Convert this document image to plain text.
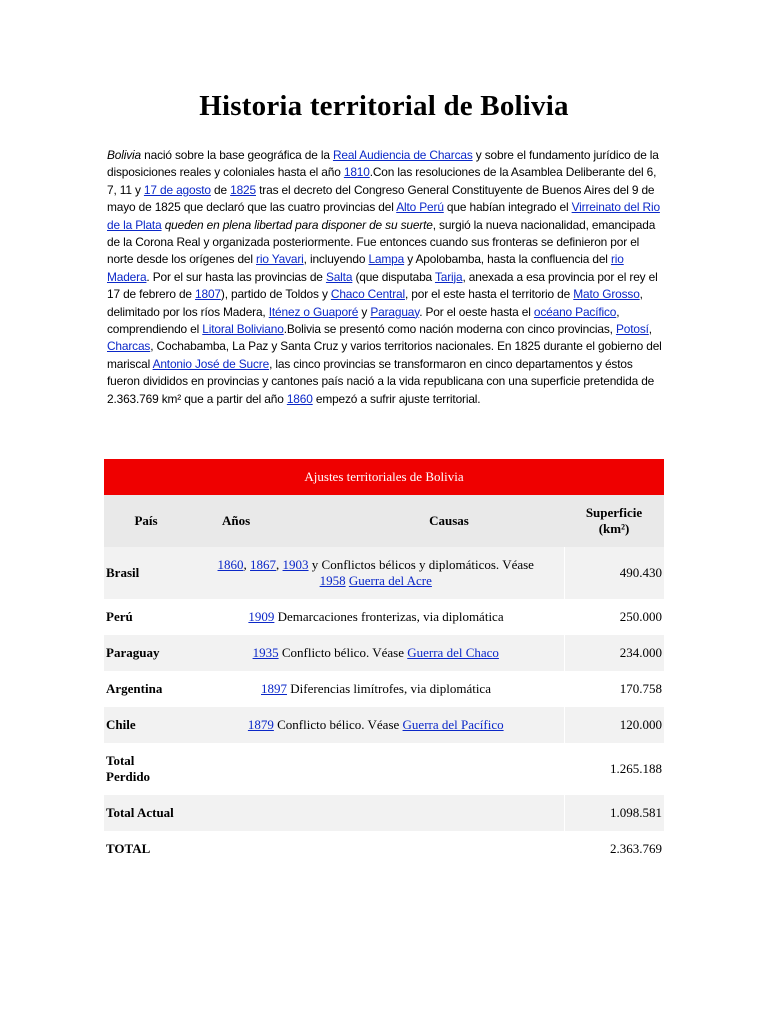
Historia territorial de Bolivia

Bolivia nació sobre la base geográfica de la Real Audiencia de Charcas y sobre el fundamento jurídico de la disposiciones reales y coloniales hasta el año 1810.Con las resoluciones de la Asamblea Deliberante del 6, 7, 11 y 17 de agosto de 1825 tras el decreto del Congreso General Constituyente de Buenos Aires del 9 de mayo de 1825 que declaró que las cuatro provincias del Alto Perú que habían integrado el Virreinato del Rio de la Plata queden en plena libertad para disponer de su suerte, surgió la nueva nacionalidad, emancipada de la Corona Real y organizada posteriormente. Fue entonces cuando sus fronteras se definieron por el norte desde los orígenes del rio Yavari, incluyendo Lampa y Apolobamba, hasta la confluencia del rio Madera. Por el sur hasta las provincias de Salta (que disputaba Tarija, anexada a esa provincia por el rey el 17 de febrero de 1807), partido de Toldos y Chaco Central, por el este hasta el territorio de Mato Grosso, delimitado por los ríos Madera, Iténez o Guaporé y Paraguay. Por el oeste hasta el océano Pacífico, comprendiendo el Litoral Boliviano.Bolivia se presentó como nación moderna con cinco provincias, Potosí, Charcas, Cochabamba, La Paz y Santa Cruz y varios territorios nacionales. En 1825 durante el gobierno del mariscal Antonio José de Sucre, las cinco provincias se transformaron en cinco departamentos y éstos fueron divididos en provincias y cantones país nació a la vida republicana con una superficie pretendida de 2.363.769 km² que a partir del año 1860 empezó a sufrir ajuste territorial.

Ajustes territoriales de Bolivia			
País	Años	Causas	Superficie
(km²)
Brasil	1860, 1867, 1903 y Conflictos bélicos y diplomáticos. Véase
1958 Guerra del Acre		490.430
Perú	1909 Demarcaciones fronterizas, via diplomática		250.000
Paraguay	1935 Conflicto bélico. Véase Guerra del Chaco		234.000
Argentina	1897 Diferencias limítrofes, via diplomática		170.758
Chile	1879 Conflicto bélico. Véase Guerra del Pacífico		120.000
Total
Perdido			1.265.188
Total Actual			1.098.581
TOTAL			2.363.769
